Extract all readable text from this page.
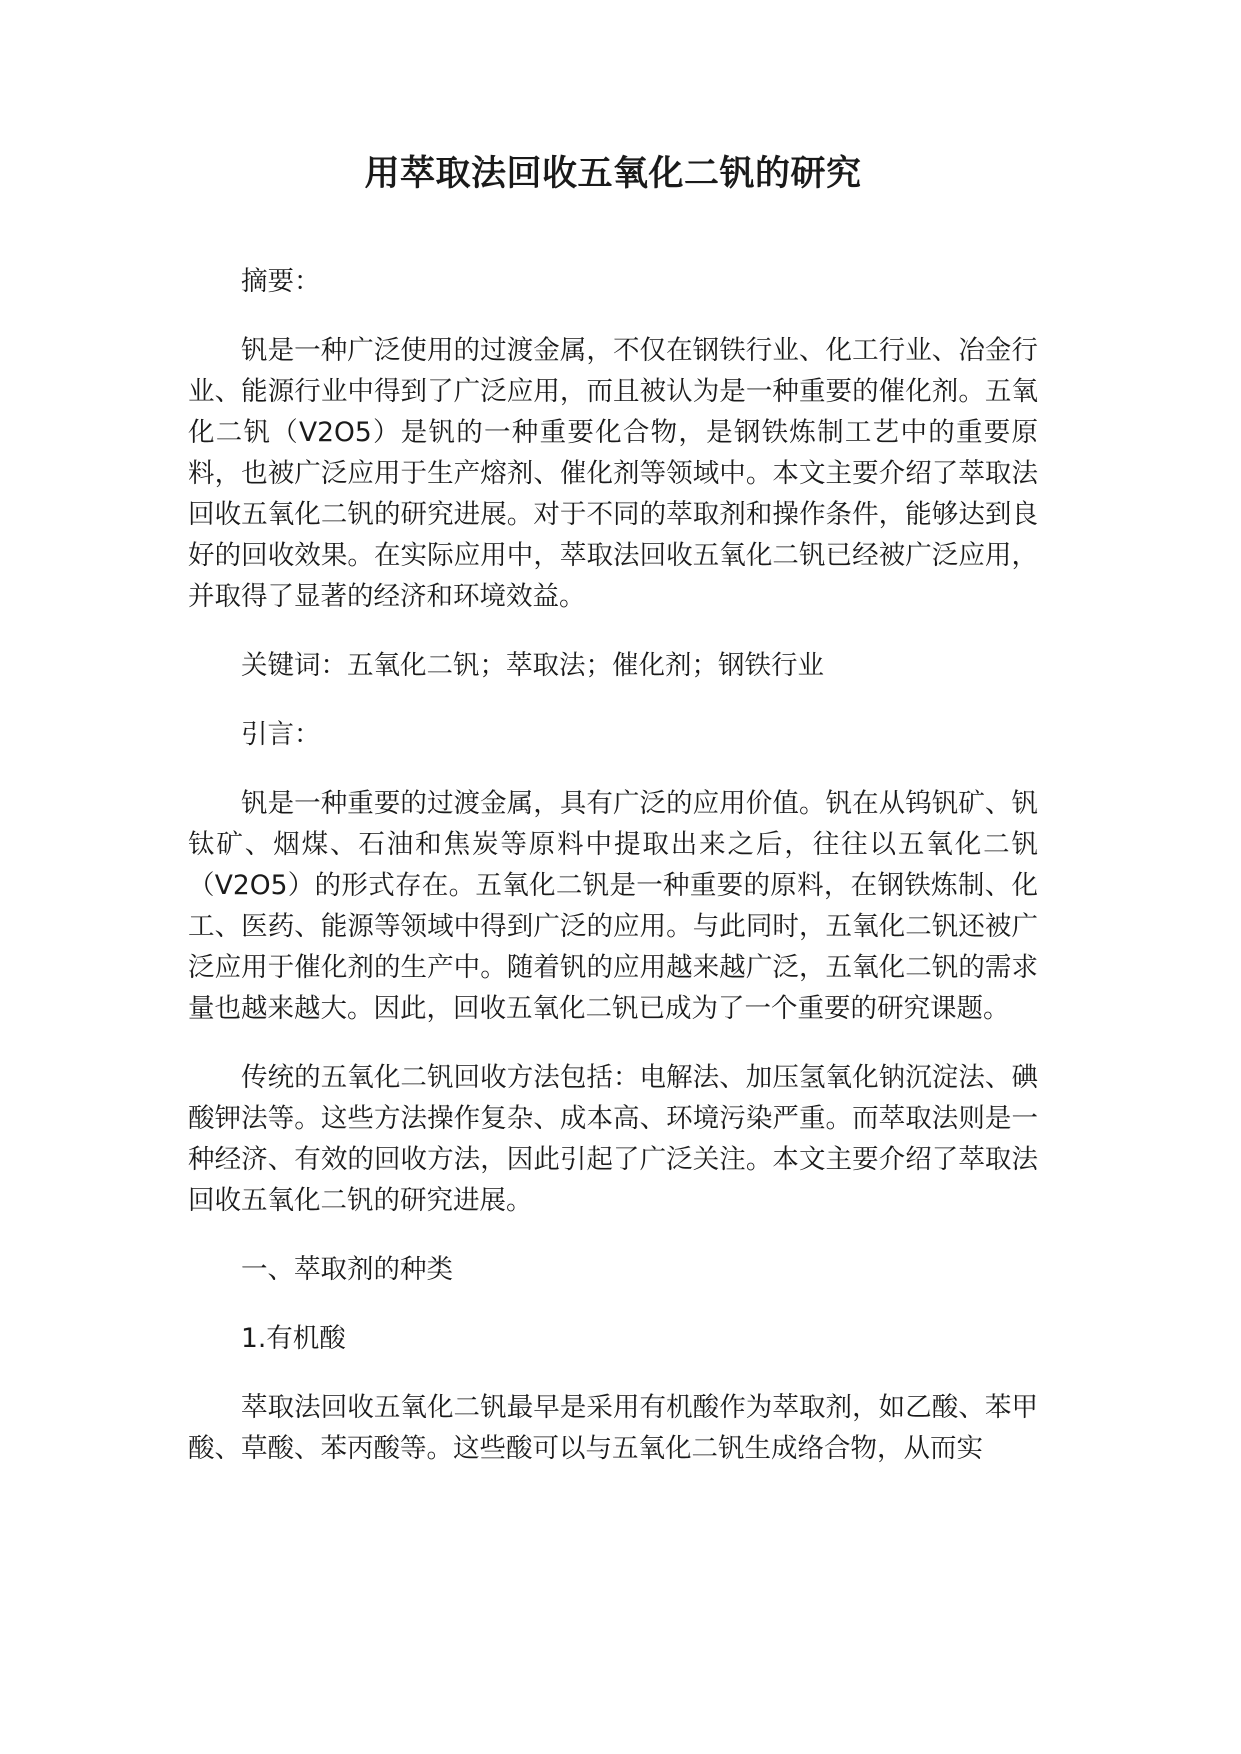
用萃取法回收五氧化二钒的研究

摘要：

钒是一种广泛使用的过渡金属，不仅在钢铁行业、化工行业、冶金行业、能源行业中得到了广泛应用，而且被认为是一种重要的催化剂。五氧化二钒（V2O5）是钒的一种重要化合物，是钢铁炼制工艺中的重要原料，也被广泛应用于生产熔剂、催化剂等领域中。本文主要介绍了萃取法回收五氧化二钒的研究进展。对于不同的萃取剂和操作条件，能够达到良好的回收效果。在实际应用中，萃取法回收五氧化二钒已经被广泛应用，并取得了显著的经济和环境效益。

关键词：五氧化二钒；萃取法；催化剂；钢铁行业

引言：

钒是一种重要的过渡金属，具有广泛的应用价值。钒在从钨钒矿、钒钛矿、烟煤、石油和焦炭等原料中提取出来之后，往往以五氧化二钒（V2O5）的形式存在。五氧化二钒是一种重要的原料，在钢铁炼制、化工、医药、能源等领域中得到广泛的应用。与此同时，五氧化二钒还被广泛应用于催化剂的生产中。随着钒的应用越来越广泛，五氧化二钒的需求量也越来越大。因此，回收五氧化二钒已成为了一个重要的研究课题。

传统的五氧化二钒回收方法包括：电解法、加压氢氧化钠沉淀法、碘酸钾法等。这些方法操作复杂、成本高、环境污染严重。而萃取法则是一种经济、有效的回收方法，因此引起了广泛关注。本文主要介绍了萃取法回收五氧化二钒的研究进展。

一、萃取剂的种类

1.有机酸

萃取法回收五氧化二钒最早是采用有机酸作为萃取剂，如乙酸、苯甲酸、草酸、苯丙酸等。这些酸可以与五氧化二钒生成络合物，从而实
